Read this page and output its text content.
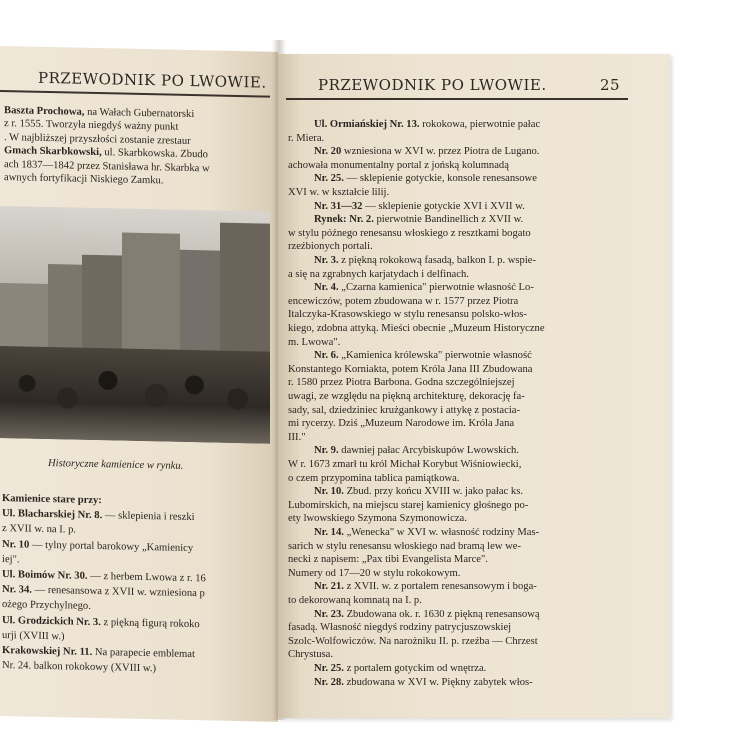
PRZEWODNIK PO LWOWIE.
Baszta Prochowa, na Wałach Gubernatorski
z r. 1555. Tworzyła niegdyś ważny punkt
. W najbliższej przyszłości zostanie zrestaur
Gmach Skarbkowski, ul. Skarbkowska. Zbudo
ach 1837—1842 przez Stanisława hr. Skarbka w
awnych fortyfikacji Niskiego Zamku.
Historyczne kamienice w rynku.
Kamienice stare przy:
Ul. Blacharskiej Nr. 8. — sklepienia i reszki
z XVII w. na I. p.
Nr. 10 — tylny portal barokowy „Kamienicy
iej".
Ul. Boimów Nr. 30. — z herbem Lwowa z r. 16
Nr. 34. — renesansowa z XVII w. wzniesiona p
ożego Przychylnego.
Ul. Grodzickich Nr. 3. z piękną figurą rokoko
urji (XVIII w.)
Krakowskiej Nr. 11. Na parapecie emblemat
Nr. 24. balkon rokokowy (XVIII w.)
PRZEWODNIK PO LWOWIE.	25
Ul. Ormiańskiej Nr. 13. rokokowa, pierwotnie pałac
r. Miera.
Nr. 20 wzniesiona w XVI w. przez Piotra de Lugano.
achowała monumentalny portal z jońską kolumnadą
Nr. 25. — sklepienie gotyckie, konsole renesansowe
XVI w. w kształcie lilij.
Nr. 31—32 — sklepienie gotyckie XVI i XVII w.
Rynek: Nr. 2. pierwotnie Bandinellich z XVII w.
w stylu późnego renesansu włoskiego z resztkami bogato
rzeźbionych portali.
Nr. 3. z piękną rokokową fasadą, balkon I. p. wspie-
a się na zgrabnych karjatydach i delfinach.
Nr. 4. „Czarna kamienica" pierwotnie własność Lo-
encewiczów, potem zbudowana w r. 1577 przez Piotra
Italczyka-Krasowskiego w stylu renesansu polsko-włos-
kiego, zdobna attyką. Mieści obecnie „Muzeum Historyczne
m. Lwowa".
Nr. 6. „Kamienica królewska" pierwotnie własność
Konstantego Korniakta, potem Króla Jana III Zbudowana
r. 1580 przez Piotra Barbona. Godna szczególniejszej
uwagi, ze względu na piękną architekturę, dekorację fa-
sady, sal, dziedziniec krużgankowy i attykę z postacia-
mi rycerzy. Dziś „Muzeum Narodowe im. Króla Jana
III."
Nr. 9. dawniej pałac Arcybiskupów Lwowskich.
W r. 1673 zmarł tu król Michał Korybut Wiśniowiecki,
o czem przypomina tablica pamiątkowa.
Nr. 10. Zbud. przy końcu XVIII w. jako pałac ks.
Lubomirskich, na miejscu starej kamienicy głośnego po-
ety lwowskiego Szymona Szymonowicza.
Nr. 14. „Wenecka" w XVI w. własność rodziny Mas-
sarich w stylu renesansu włoskiego nad bramą lew we-
necki z napisem: „Pax tibi Evangelista Marce".
Numery od 17—20 w stylu rokokowym.
Nr. 21. z XVII. w. z portalem renesansowym i boga-
to dekorowaną komnatą na I. p.
Nr. 23. Zbudowana ok. r. 1630 z piękną renesansową
fasadą. Własność niegdyś rodziny patrycjuszowskiej
Szolc-Wolfowiczów. Na narożniku II. p. rzeźba — Chrzest
Chrystusa.
Nr. 25. z portalem gotyckim od wnętrza.
Nr. 28. zbudowana w XVI w. Piękny zabytek włos-
